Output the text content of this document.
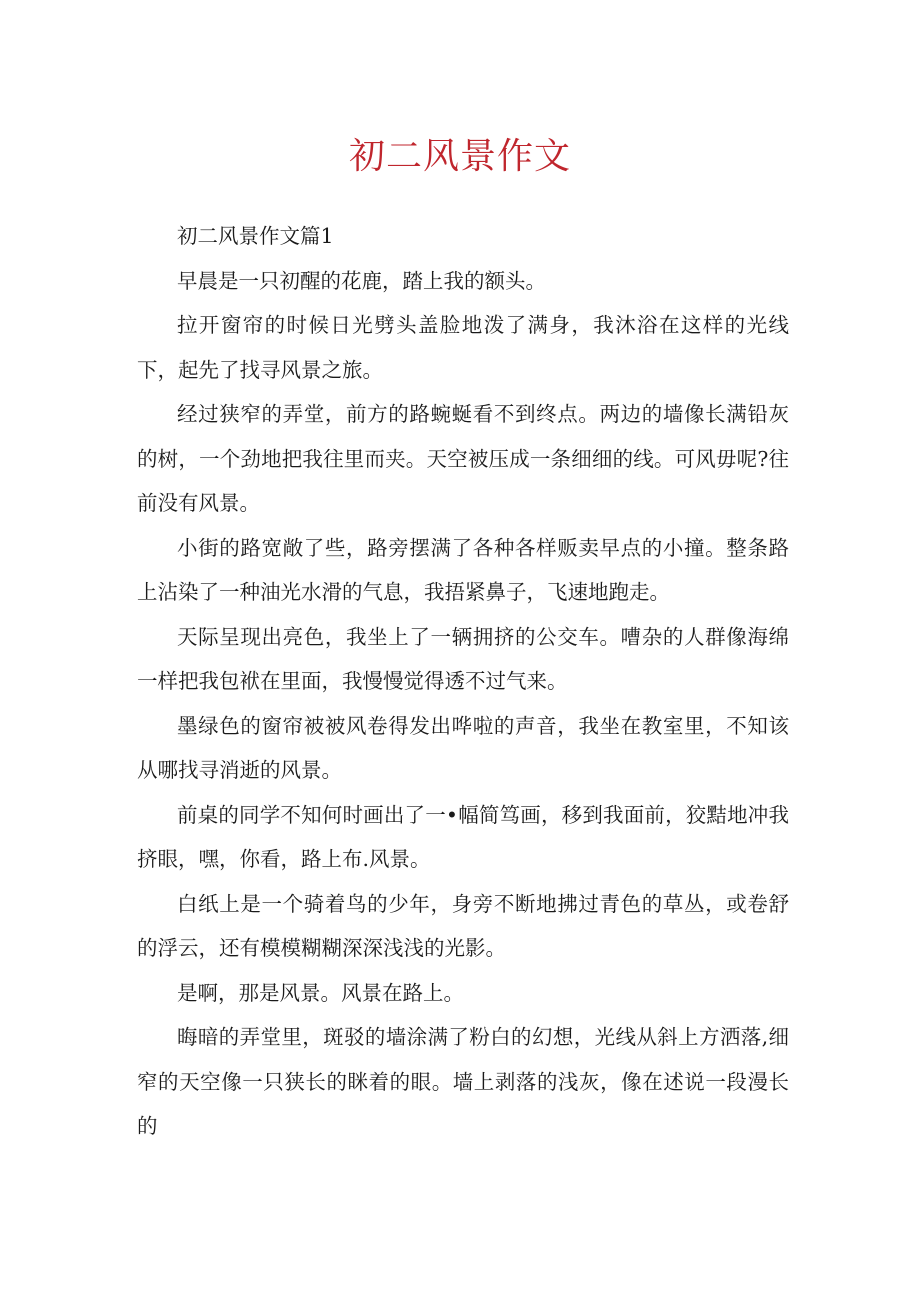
初二风景作文

初二风景作文篇1

早晨是一只初醒的花鹿，踏上我的额头。

拉开窗帘的时候日光劈头盖脸地泼了满身，我沐浴在这样的光线下，起先了找寻风景之旅。

经过狭窄的弄堂，前方的路蜿蜒看不到终点。两边的墙像长满铅灰的树，一个劲地把我往里而夹。天空被压成一条细细的线。可风毋呢?往前没有风景。

小街的路宽敞了些，路旁摆满了各种各样贩卖早点的小撞。整条路上沾染了一种油光水滑的气息，我捂紧鼻子，飞速地跑走。

天际呈现出亮色，我坐上了一辆拥挤的公交车。嘈杂的人群像海绵一样把我包袱在里面，我慢慢觉得透不过气来。

墨绿色的窗帘被被风卷得发出哗啦的声音，我坐在教室里，不知该从哪找寻消逝的风景。

前桌的同学不知何时画出了一•幅简笃画，移到我面前，狡黠地冲我挤眼，嘿，你看，路上布.风景。

白纸上是一个骑着鸟的少年，身旁不断地拂过青色的草丛，或卷舒的浮云，还有模模糊糊深深浅浅的光影。

是啊，那是风景。风景在路上。

晦暗的弄堂里，斑驳的墙涂满了粉白的幻想，光线从斜上方洒落,细窄的天空像一只狭长的眯着的眼。墙上剥落的浅灰，像在述说一段漫长的
